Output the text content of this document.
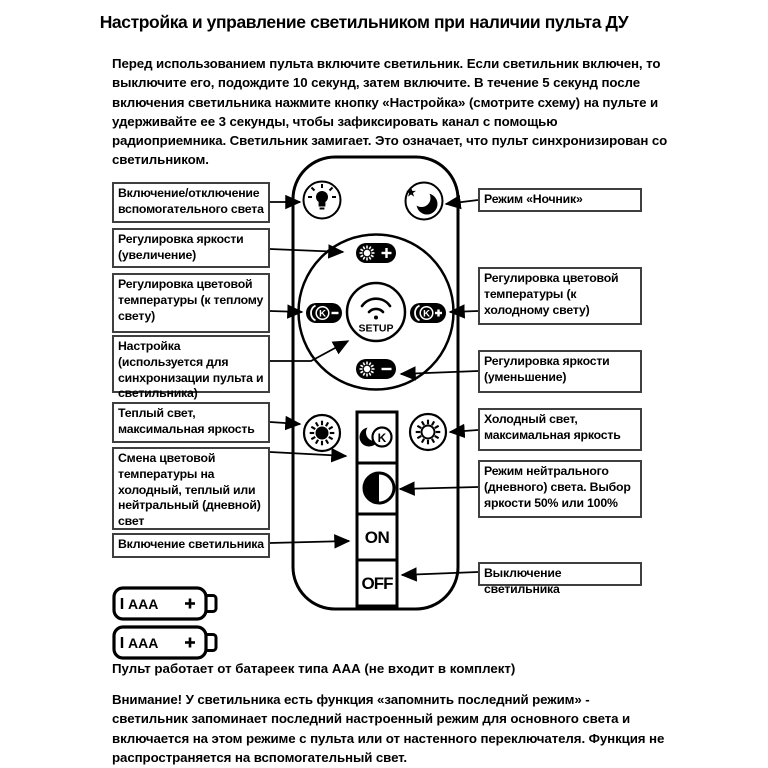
AAA
★
K	K
SETUP
K
ON
OFF
Настройка и управление светильником при наличии пульта ДУ
Перед использованием пульта включите светильник. Если светильник включен, то выключите его, подождите 10 секунд, затем включите. В течение 5 секунд после включения светильника нажмите кнопку «Настройка» (смотрите схему) на пульте и удерживайте ее 3 секунды, чтобы зафиксировать канал с помощью радиоприемника. Светильник замигает. Это означает, что пульт синхронизирован со светильником.
Включение/отключение вспомогательного света
Регулировка яркости (увеличение)
Регулировка цветовой температуры (к теплому свету)
Настройка (используется для синхронизации пульта и светильника)
Теплый свет, максимальная яркость
Смена цветовой температуры на холодный, теплый или нейтральный (дневной) свет
Включение светильника
Режим «Ночник»
Регулировка цветовой температуры (к холодному свету)
Регулировка яркости (уменьшение)
Холодный свет, максимальная яркость
Режим нейтрального (дневного) света. Выбор яркости 50% или 100%
Выключение светильника
Пульт работает от батареек типа ААА (не входит в комплект)
Внимание! У светильника есть функция «запомнить последний режим» - светильник запоминает последний настроенный режим для основного света и включается на этом режиме с пульта или от настенного переключателя. Функция не распространяется на вспомогательный свет.
